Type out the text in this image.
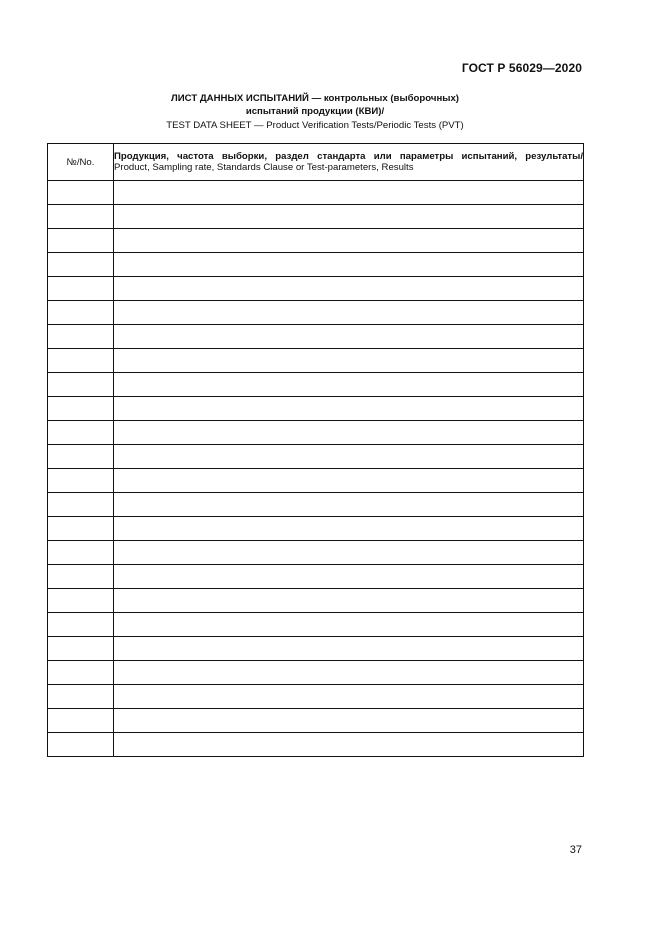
ГОСТ Р 56029—2020
ЛИСТ ДАННЫХ ИСПЫТАНИЙ — контрольных (выборочных)
испытаний продукции (КВИ)/
TEST DATA SHEET — Product Verification Tests/Periodic Tests (PVT)
№/No.	Продукция, частота выборки, раздел стандарта или параметры испытаний, результаты/
Product, Sampling rate, Standards Clause or Test-parameters, Results

37
